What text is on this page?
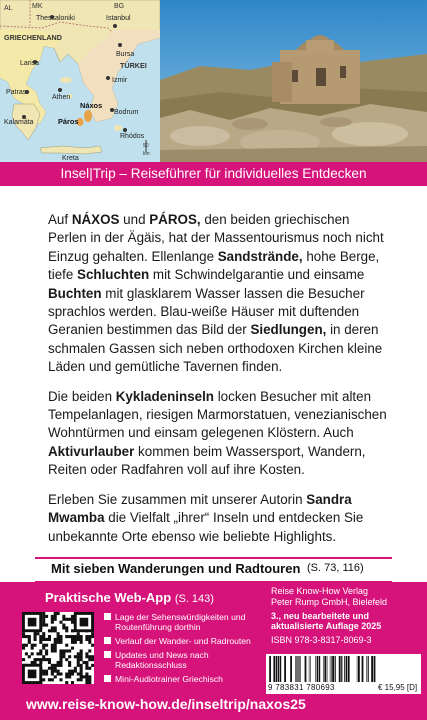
AL	MK	BG
Thessaloniki	Istanbul
GRIECHENLAND
Bursa
Larisa	TÜRKEI
Izmir
Patras
Athen
Náxos
Bodrum
Páros
Kalamáta
Rhódos
Kreta
50
km
Insel|Trip – Reiseführer für individuelles Entdecken

Auf NÁXOS und PÁROS, den beiden griechischen Perlen in der Ägäis, hat der Massentourismus noch nicht Einzug gehalten. Ellenlange Sandstrände, hohe Berge, tiefe Schluchten mit Schwindelgarantie und einsame Buchten mit glasklarem Wasser lassen die Besucher sprachlos werden. Blau-weiße Häuser mit duftenden Geranien bestimmen das Bild der Siedlungen, in deren schmalen Gassen sich neben orthodoxen Kirchen kleine Läden und gemütliche Tavernen finden.

Die beiden Kykladeninseln locken Besucher mit alten Tempelanlagen, riesigen Marmorstatuen, venezianischen Wohntürmen und einsam gelegenen Klöstern. Auch Aktivurlauber kommen beim Wassersport, Wandern, Reiten oder Radfahren voll auf ihre Kosten.

Erleben Sie zusammen mit unserer Autorin Sandra Mwamba die Vielfalt „ihrer“ Inseln und entdecken Sie unbekannte Orte ebenso wie beliebte Highlights.

Mit sieben Wanderungen und Radtouren (S. 73, 116)
Praktische Web-App (S. 143)
Lage der Sehenswürdigkeiten und Routenführung dorthin
Verlauf der Wander- und Radrouten
Updates und News nach Redaktionsschluss
Mini-Audiotrainer Griechisch
Reise Know-How Verlag
Peter Rump GmbH, Bielefeld
3., neu bearbeitete und
aktualisierte Auflage 2025
ISBN 978-3-8317-8069-3
9 783831 780693	€ 15,95 [D]
www.reise-know-how.de/inseltrip/naxos25
